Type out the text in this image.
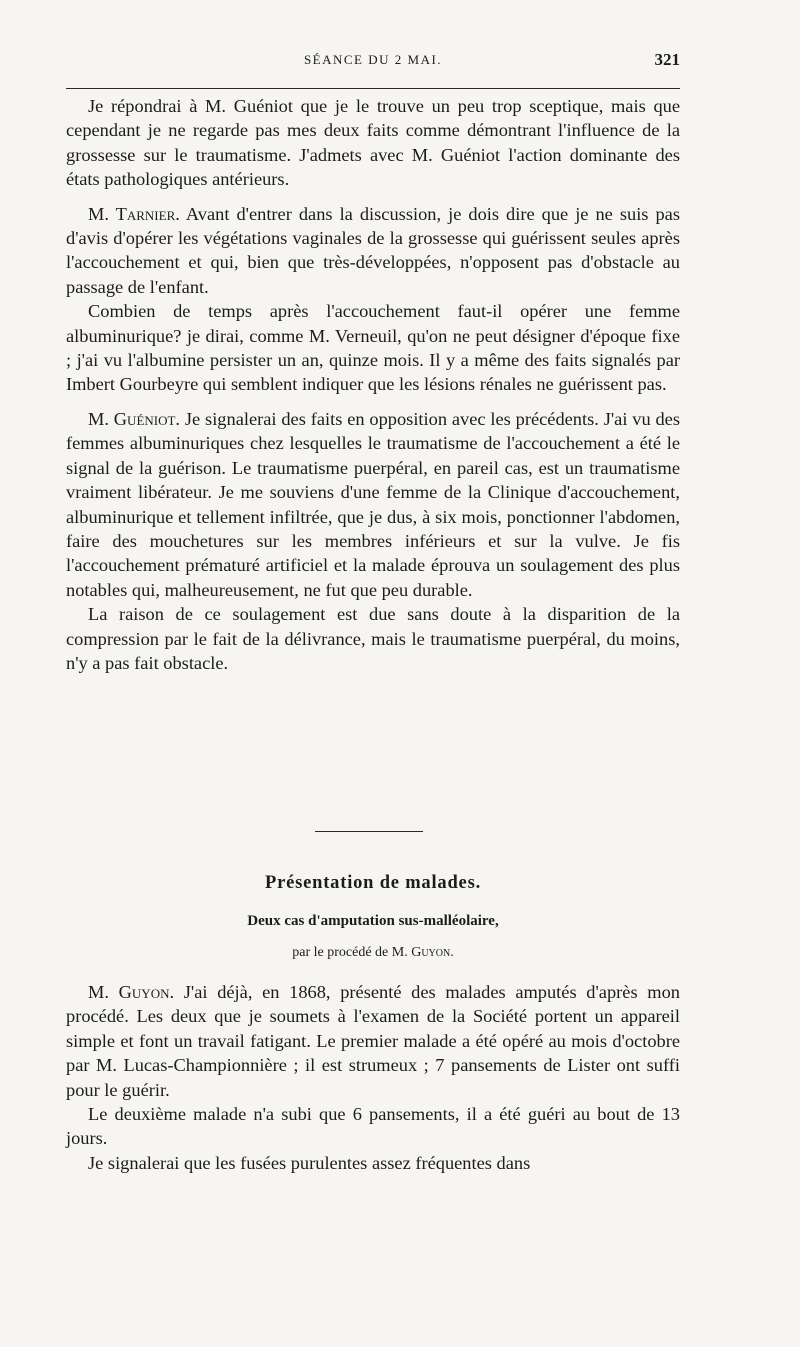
SÉANCE DU 2 MAI.	321

Je répondrai à M. Guéniot que je le trouve un peu trop sceptique, mais que cependant je ne regarde pas mes deux faits comme démontrant l'influence de la grossesse sur le traumatisme. J'admets avec M. Guéniot l'action dominante des états pathologiques antérieurs.

M. Tarnier. Avant d'entrer dans la discussion, je dois dire que je ne suis pas d'avis d'opérer les végétations vaginales de la grossesse qui guérissent seules après l'accouchement et qui, bien que très-développées, n'opposent pas d'obstacle au passage de l'enfant.

Combien de temps après l'accouchement faut-il opérer une femme albuminurique? je dirai, comme M. Verneuil, qu'on ne peut désigner d'époque fixe ; j'ai vu l'albumine persister un an, quinze mois. Il y a même des faits signalés par Imbert Gourbeyre qui semblent indiquer que les lésions rénales ne guérissent pas.

M. Guéniot. Je signalerai des faits en opposition avec les précédents. J'ai vu des femmes albuminuriques chez lesquelles le traumatisme de l'accouchement a été le signal de la guérison. Le traumatisme puerpéral, en pareil cas, est un traumatisme vraiment libérateur. Je me souviens d'une femme de la Clinique d'accouchement, albuminurique et tellement infiltrée, que je dus, à six mois, ponctionner l'abdomen, faire des mouchetures sur les membres inférieurs et sur la vulve. Je fis l'accouchement prématuré artificiel et la malade éprouva un soulagement des plus notables qui, malheureusement, ne fut que peu durable.

La raison de ce soulagement est due sans doute à la disparition de la compression par le fait de la délivrance, mais le traumatisme puerpéral, du moins, n'y a pas fait obstacle.

Présentation de malades.
Deux cas d'amputation sus-malléolaire,
par le procédé de M. Guyon.

M. Guyon. J'ai déjà, en 1868, présenté des malades amputés d'après mon procédé. Les deux que je soumets à l'examen de la Société portent un appareil simple et font un travail fatigant. Le premier malade a été opéré au mois d'octobre par M. Lucas-Championnière ; il est strumeux ; 7 pansements de Lister ont suffi pour le guérir.

Le deuxième malade n'a subi que 6 pansements, il a été guéri au bout de 13 jours.

Je signalerai que les fusées purulentes assez fréquentes dans
